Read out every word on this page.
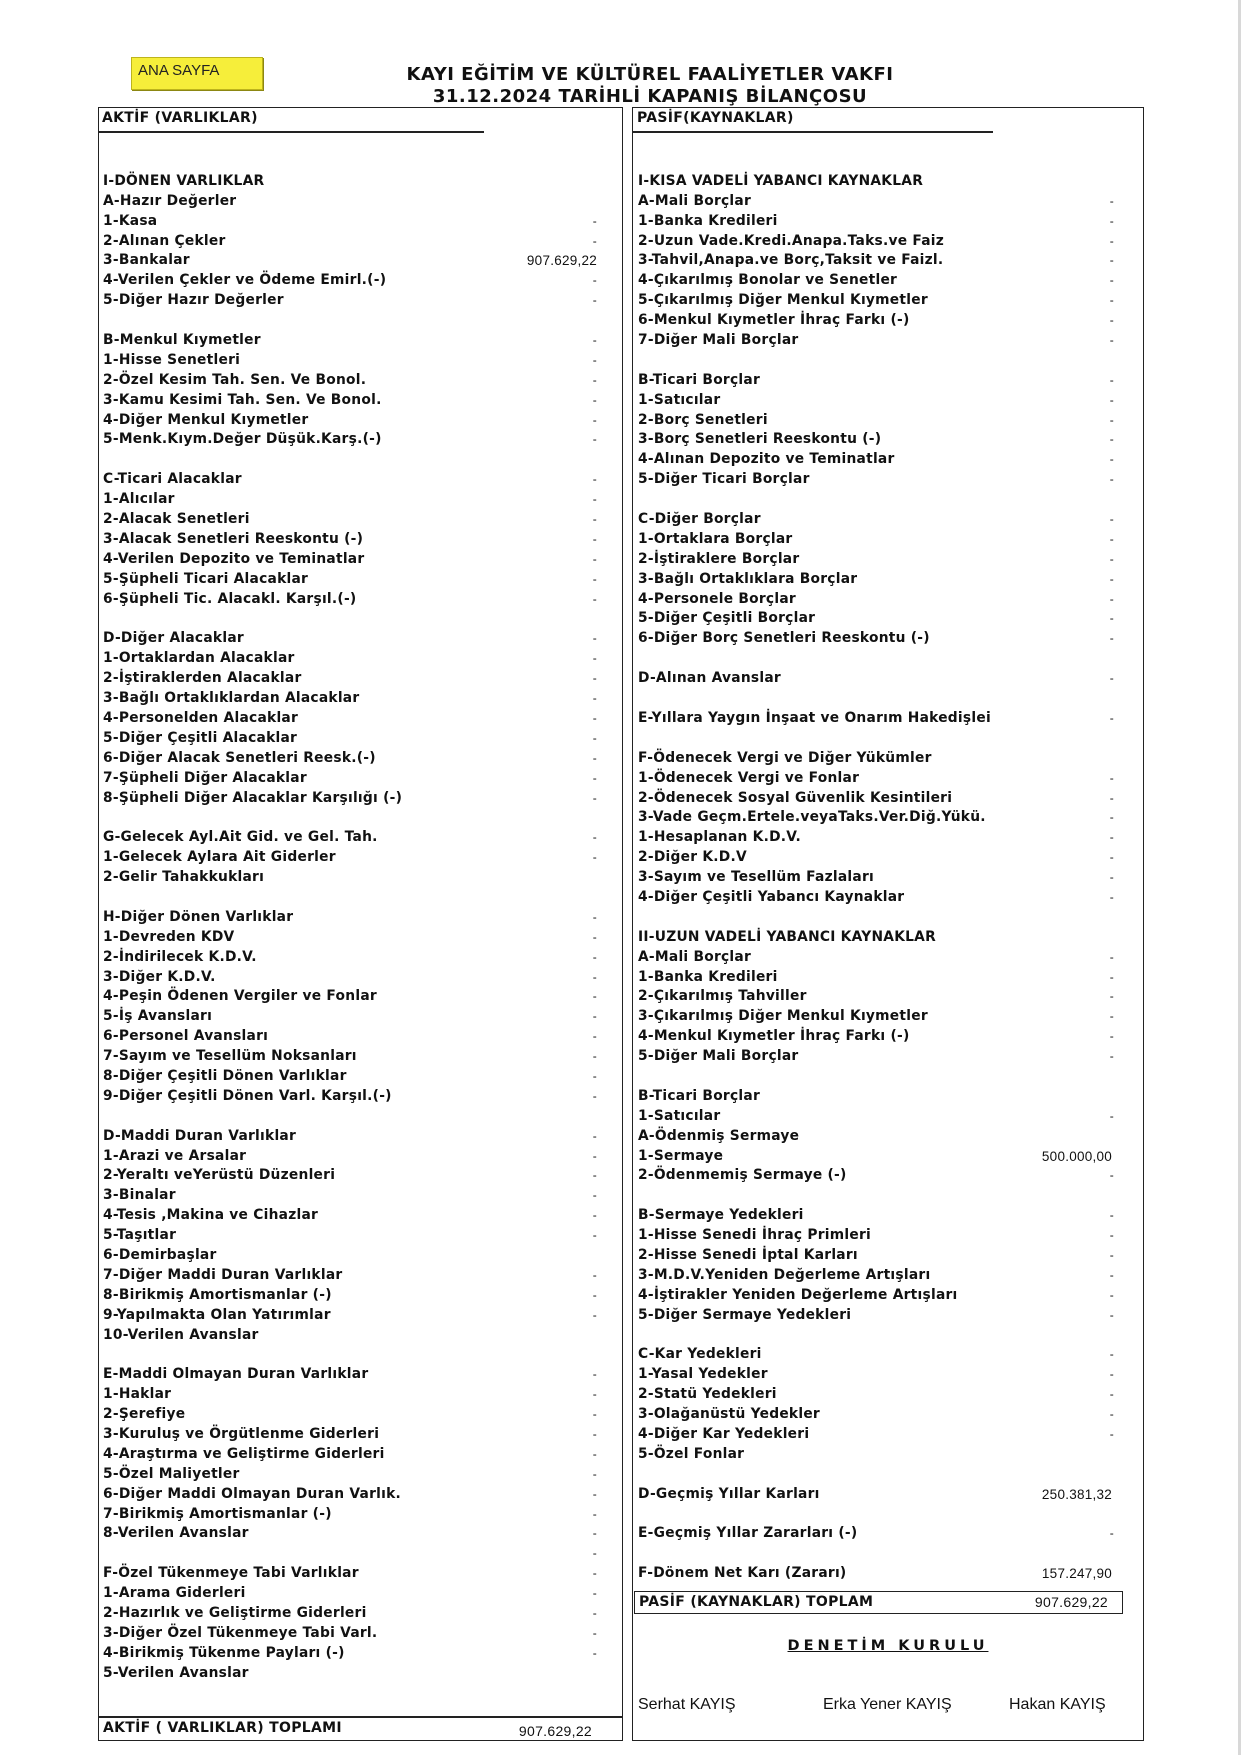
ANA SAYFA	KAYI EĞİTİM VE KÜLTÜREL FAALİYETLER VAKFI
31.12.2024 TARİHLİ KAPANIŞ BİLANÇOSU
AKTİF (VARLIKLAR)	PASİF(KAYNAKLAR)
I-DÖNEN VARLIKLAR
A-Hazır Değerler
1-Kasa	-
2-Alınan Çekler	-
3-Bankalar	907.629,22
4-Verilen Çekler ve Ödeme Emirl.(-)	-
5-Diğer Hazır Değerler	-
B-Menkul Kıymetler	-
1-Hisse Senetleri	-
2-Özel Kesim Tah. Sen. Ve Bonol.	-
3-Kamu Kesimi Tah. Sen. Ve Bonol.	-
4-Diğer Menkul Kıymetler	-
5-Menk.Kıym.Değer Düşük.Karş.(-)	-
C-Ticari Alacaklar	-
1-Alıcılar	-
2-Alacak Senetleri	-
3-Alacak Senetleri Reeskontu (-)	-
4-Verilen Depozito ve Teminatlar	-
5-Şüpheli Ticari Alacaklar	-
6-Şüpheli Tic. Alacakl. Karşıl.(-)	-
D-Diğer Alacaklar	-
1-Ortaklardan Alacaklar	-
2-İştiraklerden Alacaklar	-
3-Bağlı Ortaklıklardan Alacaklar	-
4-Personelden Alacaklar	-
5-Diğer Çeşitli Alacaklar	-
6-Diğer Alacak Senetleri Reesk.(-)	-
7-Şüpheli Diğer Alacaklar	-
8-Şüpheli Diğer Alacaklar Karşılığı (-)	-
G-Gelecek Ayl.Ait Gid. ve Gel. Tah.	-
1-Gelecek Aylara Ait Giderler	-
2-Gelir Tahakkukları
H-Diğer Dönen Varlıklar	-
1-Devreden KDV	-
2-İndirilecek K.D.V.	-
3-Diğer K.D.V.	-
4-Peşin Ödenen Vergiler ve Fonlar	-
5-İş Avansları	-
6-Personel Avansları	-
7-Sayım ve Tesellüm Noksanları	-
8-Diğer Çeşitli Dönen Varlıklar	-
9-Diğer Çeşitli Dönen Varl. Karşıl.(-)	-
D-Maddi Duran Varlıklar	-
1-Arazi ve Arsalar	-
2-Yeraltı veYerüstü Düzenleri	-
3-Binalar	-
4-Tesis ,Makina ve Cihazlar	-
5-Taşıtlar	-
6-Demirbaşlar
7-Diğer Maddi Duran Varlıklar	-
8-Birikmiş Amortismanlar (-)	-
9-Yapılmakta Olan Yatırımlar	-
10-Verilen Avanslar
E-Maddi Olmayan Duran Varlıklar	-
1-Haklar	-
2-Şerefiye	-
3-Kuruluş ve Örgütlenme Giderleri	-
4-Araştırma ve Geliştirme Giderleri	-
5-Özel Maliyetler	-
6-Diğer Maddi Olmayan Duran Varlık.	-
7-Birikmiş Amortismanlar (-)	-
8-Verilen Avanslar	-
-
F-Özel Tükenmeye Tabi Varlıklar	-
1-Arama Giderleri	-
2-Hazırlık ve Geliştirme Giderleri	-
3-Diğer Özel Tükenmeye Tabi Varl.	-
4-Birikmiş Tükenme Payları (-)	-
5-Verilen Avanslar
I-KISA VADELİ YABANCI KAYNAKLAR
A-Mali Borçlar	-
1-Banka Kredileri	-
2-Uzun Vade.Kredi.Anapa.Taks.ve Faiz	-
3-Tahvil,Anapa.ve Borç,Taksit ve Faizl.	-
4-Çıkarılmış Bonolar ve Senetler	-
5-Çıkarılmış Diğer Menkul Kıymetler	-
6-Menkul Kıymetler İhraç Farkı (-)	-
7-Diğer Mali Borçlar	-
B-Ticari Borçlar	-
1-Satıcılar	-
2-Borç Senetleri	-
3-Borç Senetleri Reeskontu (-)	-
4-Alınan Depozito ve Teminatlar	-
5-Diğer Ticari Borçlar	-
C-Diğer Borçlar	-
1-Ortaklara Borçlar	-
2-İştiraklere Borçlar	-
3-Bağlı Ortaklıklara Borçlar	-
4-Personele Borçlar	-
5-Diğer Çeşitli Borçlar	-
6-Diğer Borç Senetleri Reeskontu (-)	-
D-Alınan Avanslar	-
E-Yıllara Yaygın İnşaat ve Onarım Hakedişlei	-
F-Ödenecek Vergi ve Diğer Yükümler
1-Ödenecek Vergi ve Fonlar	-
2-Ödenecek Sosyal Güvenlik Kesintileri	-
3-Vade Geçm.Ertele.veyaTaks.Ver.Diğ.Yükü.	-
1-Hesaplanan K.D.V.	-
2-Diğer K.D.V	-
3-Sayım ve Tesellüm Fazlaları	-
4-Diğer Çeşitli Yabancı Kaynaklar	-
II-UZUN VADELİ YABANCI KAYNAKLAR
A-Mali Borçlar	-
1-Banka Kredileri	-
2-Çıkarılmış Tahviller	-
3-Çıkarılmış Diğer Menkul Kıymetler	-
4-Menkul Kıymetler İhraç Farkı (-)	-
5-Diğer Mali Borçlar	-
B-Ticari Borçlar
1-Satıcılar	-
A-Ödenmiş Sermaye
1-Sermaye	500.000,00
2-Ödenmemiş Sermaye (-)	-
B-Sermaye Yedekleri	-
1-Hisse Senedi İhraç Primleri	-
2-Hisse Senedi İptal Karları	-
3-M.D.V.Yeniden Değerleme Artışları	-
4-İştirakler Yeniden Değerleme Artışları	-
5-Diğer Sermaye Yedekleri	-
C-Kar Yedekleri	-
1-Yasal Yedekler	-
2-Statü Yedekleri	-
3-Olağanüstü Yedekler	-
4-Diğer Kar Yedekleri	-
5-Özel Fonlar
D-Geçmiş Yıllar Karları	250.381,32
E-Geçmiş Yıllar Zararları (-)	-
F-Dönem Net Karı (Zararı)	157.247,90
PASİF (KAYNAKLAR) TOPLAM	907.629,22
DENETİM KURULU
Serhat KAYIŞ	Erka Yener KAYIŞ	Hakan KAYIŞ
AKTİF ( VARLIKLAR) TOPLAMI	907.629,22
